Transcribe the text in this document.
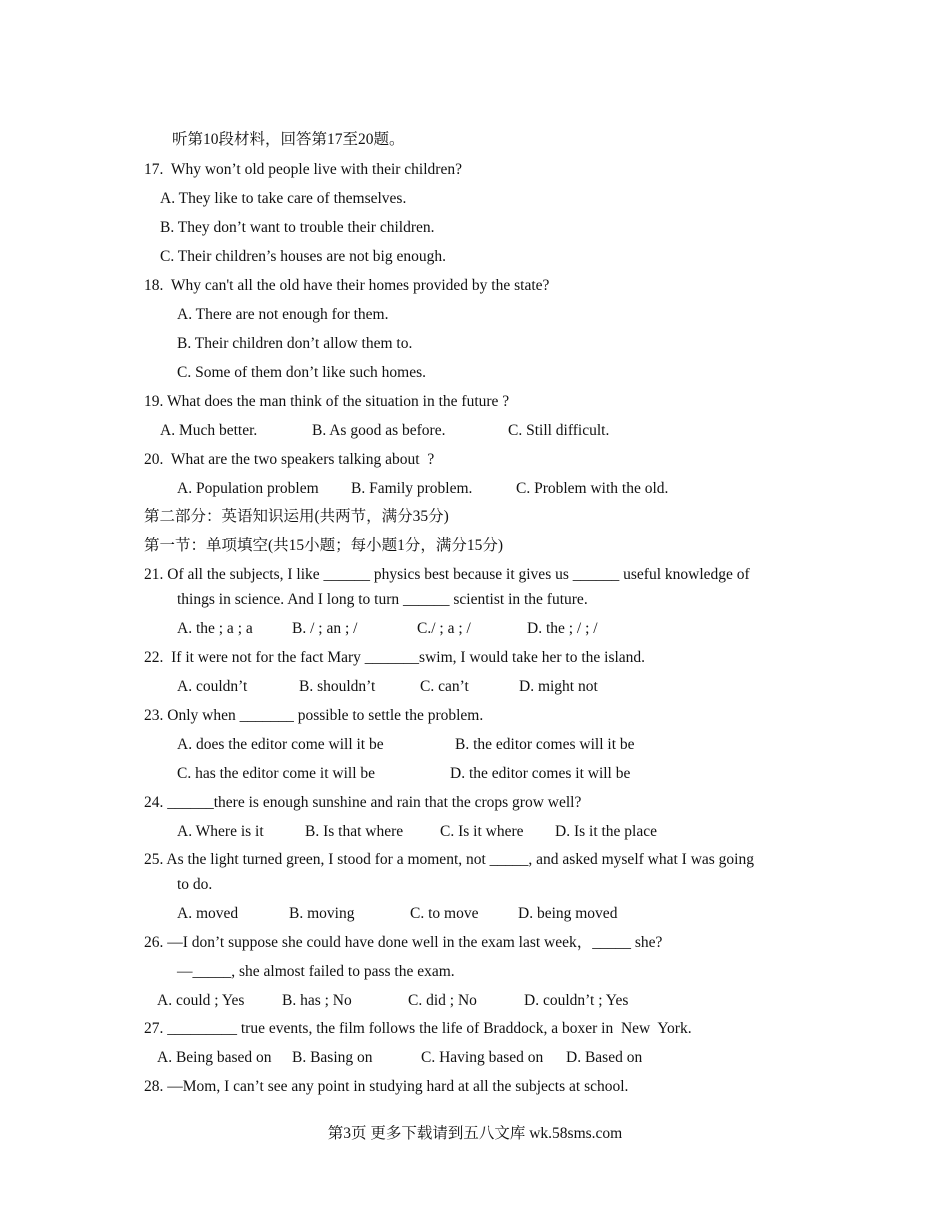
听第10段材料，回答第17至20题。
17.  Why won’t old people live with their children?
A. They like to take care of themselves.
B. They don’t want to trouble their children.
C. Their children’s houses are not big enough.
18.  Why can't all the old have their homes provided by the state?
A. There are not enough for them.
B. Their children don’t allow them to.
C. Some of them don’t like such homes.
19. What does the man think of the situation in the future ?
A. Much better.	B. As good as before.	C. Still difficult.
20.  What are the two speakers talking about  ?
A. Population problem B. Family problem.	C. Problem with the old.
第二部分：英语知识运用(共两节，满分35分)
第一节：单项填空(共15小题；每小题1分，满分15分)
21. Of all the subjects, I like ______ physics best because it gives us ______ useful knowledge of
things in science. And I long to turn ______ scientist in the future.
A. the ; a ; a	B. / ; an ; /	C./ ; a ; /	D. the ; / ; /
22.  If it were not for the fact Mary _______swim, I would take her to the island.
A. couldn’t	B. shouldn’t	C. can’t	D. might not
23. Only when _______ possible to settle the problem.
A. does the editor come will it be	B. the editor comes will it be
C. has the editor come it will be	D. the editor comes it will be
24. ______there is enough sunshine and rain that the crops grow well?
A. Where is it	B. Is that where C. Is it where D. Is it the place
25. As the light turned green, I stood for a moment, not _____, and asked myself what I was going
to do.
A. moved	B. moving	C. to move	D. being moved
26. —I don’t suppose she could have done well in the exam last week，_____ she?
—_____, she almost failed to pass the exam.
A. could ; Yes B. has ; No	C. did ; No	D. couldn’t ; Yes
27. _________ true events, the film follows the life of Braddock, a boxer in  New  York.
A. Being based on B. Basing on	C. Having based on D. Based on
28. —Mom, I can’t see any point in studying hard at all the subjects at school.
第3页 更多下载请到五八文库 wk.58sms.com
